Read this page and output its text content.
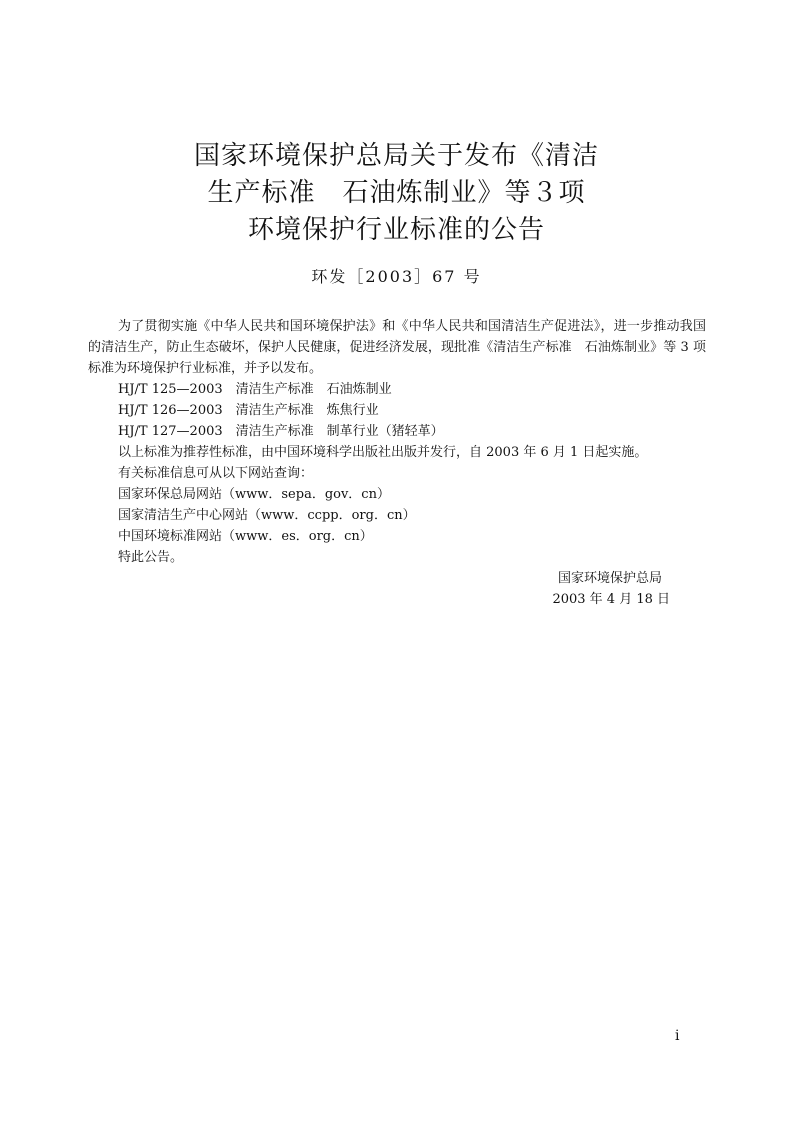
国家环境保护总局关于发布《清洁
生产标准　石油炼制业》等３项
环境保护行业标准的公告
环发［2003］67 号
为了贯彻实施《中华人民共和国环境保护法》和《中华人民共和国清洁生产促进法》，进一步推动我国的清洁生产，防止生态破坏，保护人民健康，促进经济发展，现批准《清洁生产标准　石油炼制业》等 3 项标准为环境保护行业标准，并予以发布。
HJ/T 125—2003　清洁生产标准　石油炼制业
HJ/T 126—2003　清洁生产标准　炼焦行业
HJ/T 127—2003　清洁生产标准　制革行业（猪轻革）
以上标准为推荐性标准，由中国环境科学出版社出版并发行，自 2003 年 6 月 1 日起实施。
有关标准信息可从以下网站查询：
国家环保总局网站（www．sepa．gov．cn）
国家清洁生产中心网站（www．ccpp．org．cn）
中国环境标准网站（www．es．org．cn）
特此公告。
国家环境保护总局
2003 年 4 月 18 日
i
